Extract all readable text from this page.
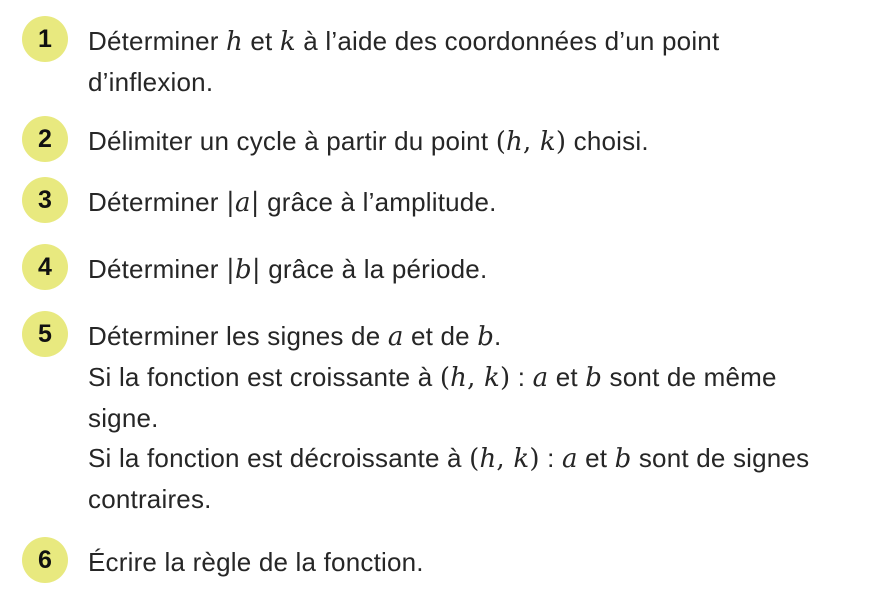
1 Déterminer h et k à l’aide des coordonnées d’un point
d’inflexion.
2 Délimiter un cycle à partir du point (h, k) choisi.
3 Déterminer |a| grâce à l’amplitude.
4 Déterminer |b| grâce à la période.
5 Déterminer les signes de a et de b.
Si la fonction est croissante à (h, k) : a et b sont de même
signe.
Si la fonction est décroissante à (h, k) : a et b sont de signes
contraires.
6 Écrire la règle de la fonction.
